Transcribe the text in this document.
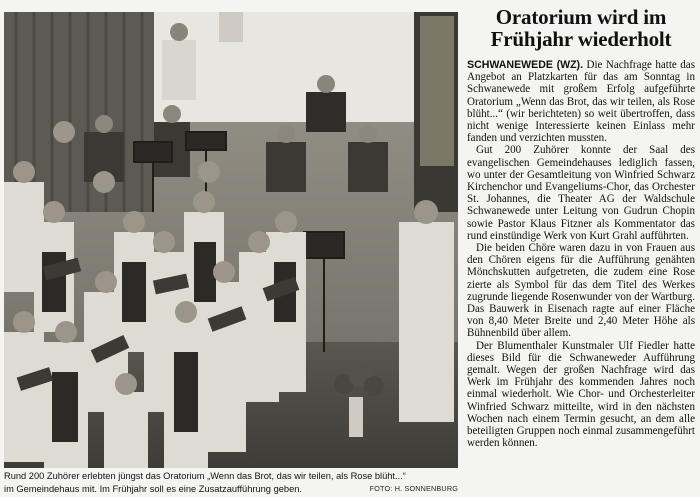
Rund 200 Zuhörer erlebten jüngst das Oratorium „Wenn das Brot, das wir teilen, als Rose blüht...“
im Gemeindehaus mit. Im Frühjahr soll es eine Zusatzaufführung geben.	FOTO: H. SONNENBURG
Oratorium wird im
Frühjahr wiederholt

SCHWANEWEDE (WZ). Die Nachfrage hatte das Angebot an Platzkarten für das am Sonntag in Schwanewede mit großem Erfolg aufgeführte Oratorium „Wenn das Brot, das wir teilen, als Rose blüht...“ (wir berichteten) so weit übertroffen, dass nicht wenige Interessierte keinen Einlass mehr fanden und verzichten mussten.

Gut 200 Zuhörer konnte der Saal des evangelischen Gemeindehauses lediglich fassen, wo unter der Gesamtleitung von Winfried Schwarz Kirchenchor und Evangeliums-Chor, das Orchester St. Johannes, die Theater AG der Waldschule Schwanewede unter Leitung von Gudrun Chopin sowie Pastor Klaus Fitzner als Kommentator das rund einstündige Werk von Kurt Grahl aufführten.

Die beiden Chöre waren dazu in von Frauen aus den Chören eigens für die Aufführung genähten Mönchskutten aufgetreten, die zudem eine Rose zierte als Symbol für das dem Titel des Werkes zugrunde liegende Rosenwunder von der Wartburg. Das Bauwerk in Eisenach ragte auf einer Fläche von 8,40 Meter Breite und 2,40 Meter Höhe als Bühnenbild über allem.

Der Blumenthaler Kunstmaler Ulf Fiedler hatte dieses Bild für die Schwaneweder Aufführung gemalt. Wegen der großen Nachfrage wird das Werk im Frühjahr des kommenden Jahres noch einmal wiederholt. Wie Chor- und Orchesterleiter Winfried Schwarz mitteilte, wird in den nächsten Wochen nach einem Termin gesucht, an dem alle beteiligten Gruppen noch einmal zusammengeführt werden können.
